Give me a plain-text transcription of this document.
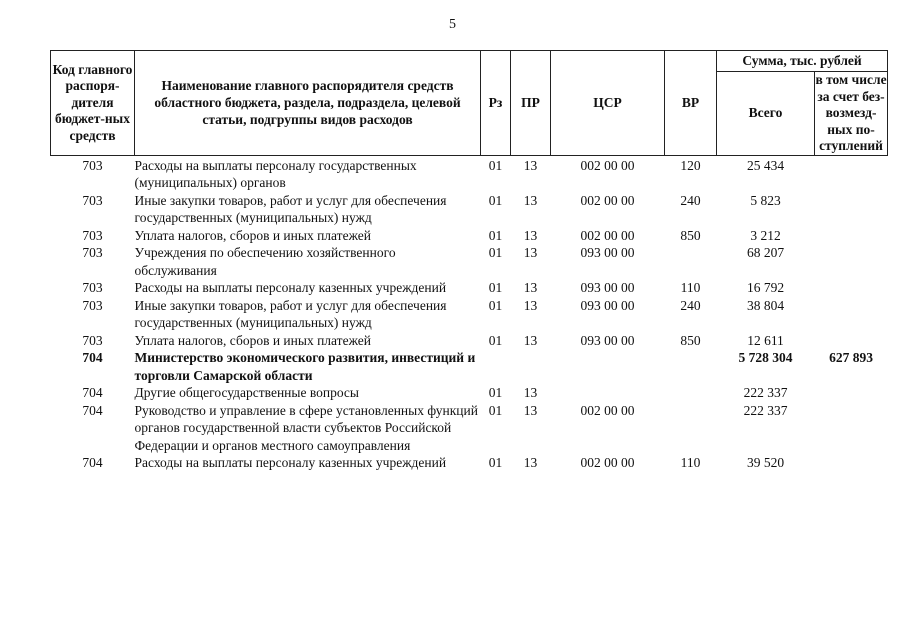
5
Код главного распоря-дителя бюджет-ных средств	Наименование главного распорядителя средств областного бюджета, раздела, подраздела, целевой статьи, подгруппы видов расходов	Рз	ПР	ЦСР	ВР	Сумма, тыс. рублей	
						Всего	в том числе за счет без-возмезд-ных по-ступлений
703	Расходы на выплаты персоналу государственных (муниципальных) органов	01	13	002 00 00	120	25 434	
703	Иные закупки товаров, работ и услуг для обеспечения государственных (муниципальных) нужд	01	13	002 00 00	240	5 823	
703	Уплата налогов, сборов и иных платежей	01	13	002 00 00	850	3 212	
703	Учреждения по обеспечению хозяйственного обслуживания	01	13	093 00 00		68 207	
703	Расходы на выплаты персоналу казенных учреждений	01	13	093 00 00	110	16 792	
703	Иные закупки товаров, работ и услуг для обеспечения государственных (муниципальных) нужд	01	13	093 00 00	240	38 804	
703	Уплата налогов, сборов и иных платежей	01	13	093 00 00	850	12 611	
704	Министерство экономического развития, инвестиций и торговли Самарской области					5 728 304	627 893
704	Другие общегосударственные вопросы	01	13			222 337	
704	Руководство и управление в сфере установленных функций органов государственной власти субъектов Российской Федерации и органов местного самоуправления	01	13	002 00 00		222 337	
704	Расходы на выплаты персоналу казенных учреждений	01	13	002 00 00	110	39 520	
